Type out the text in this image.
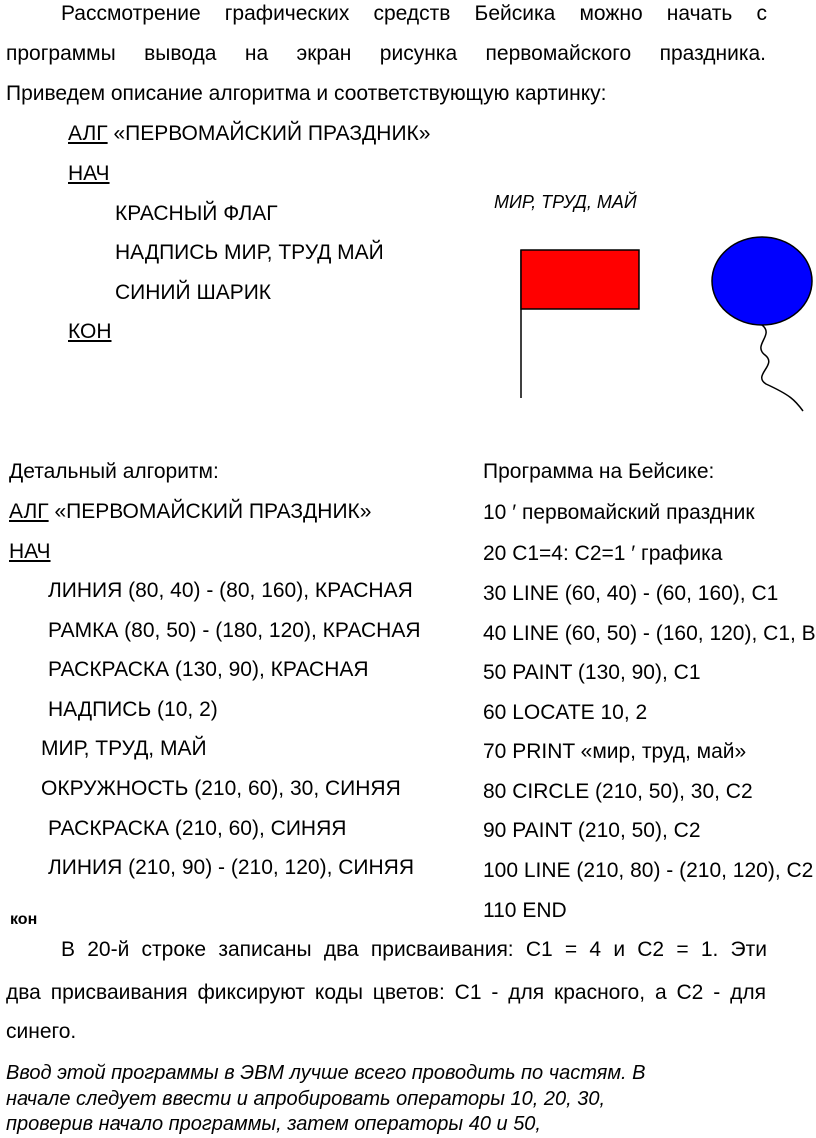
Рассмотрение графических средств Бейсика можно начать с

программы вывода на экран рисунка первомайского праздника.

Приведем описание алгоритма и соответствующую картинку:

АЛГ «ПЕРВОМАЙСКИЙ ПРАЗДНИК»

НАЧ

КРАСНЫЙ ФЛАГ

НАДПИСЬ МИР, ТРУД МАЙ

СИНИЙ ШАРИК

КОН

МИР, ТРУД, МАЙ

Детальный алгоритм:

АЛГ «ПЕРВОМАЙСКИЙ ПРАЗДНИК»

НАЧ

ЛИНИЯ (80, 40) - (80, 160), КРАСНАЯ

РАМКА (80, 50) - (180, 120), КРАСНАЯ

РАСКРАСКА (130, 90), КРАСНАЯ

НАДПИСЬ (10, 2)

МИР, ТРУД, МАЙ

ОКРУЖНОСТЬ (210, 60), 30, СИНЯЯ

РАСКРАСКА (210, 60), СИНЯЯ

ЛИНИЯ (210, 90) - (210, 120), СИНЯЯ

кон

Программа на Бейсике:

10 ′ первомайский праздник

20 С1=4: С2=1 ′ графика

30 LINE (60, 40) - (60, 160), C1

40 LINE (60, 50) - (160, 120), C1, B

50 PAINT (130, 90), C1

60 LOCATE 10, 2

70 PRINT «мир, труд, май»

80 CIRCLE (210, 50), 30, C2

90 PAINT (210, 50), C2

100 LINE (210, 80) - (210, 120), C2

110 END

В 20-й строке записаны два присваивания: С1 = 4 и С2 = 1. Эти

два присваивания фиксируют коды цветов: С1 - для красного, а С2 - для

синего.

Ввод этой программы в ЭВМ лучше всего проводить по частям. В

начале следует ввести и апробировать операторы 10, 20, 30,

проверив начало программы, затем операторы 40 и 50,
